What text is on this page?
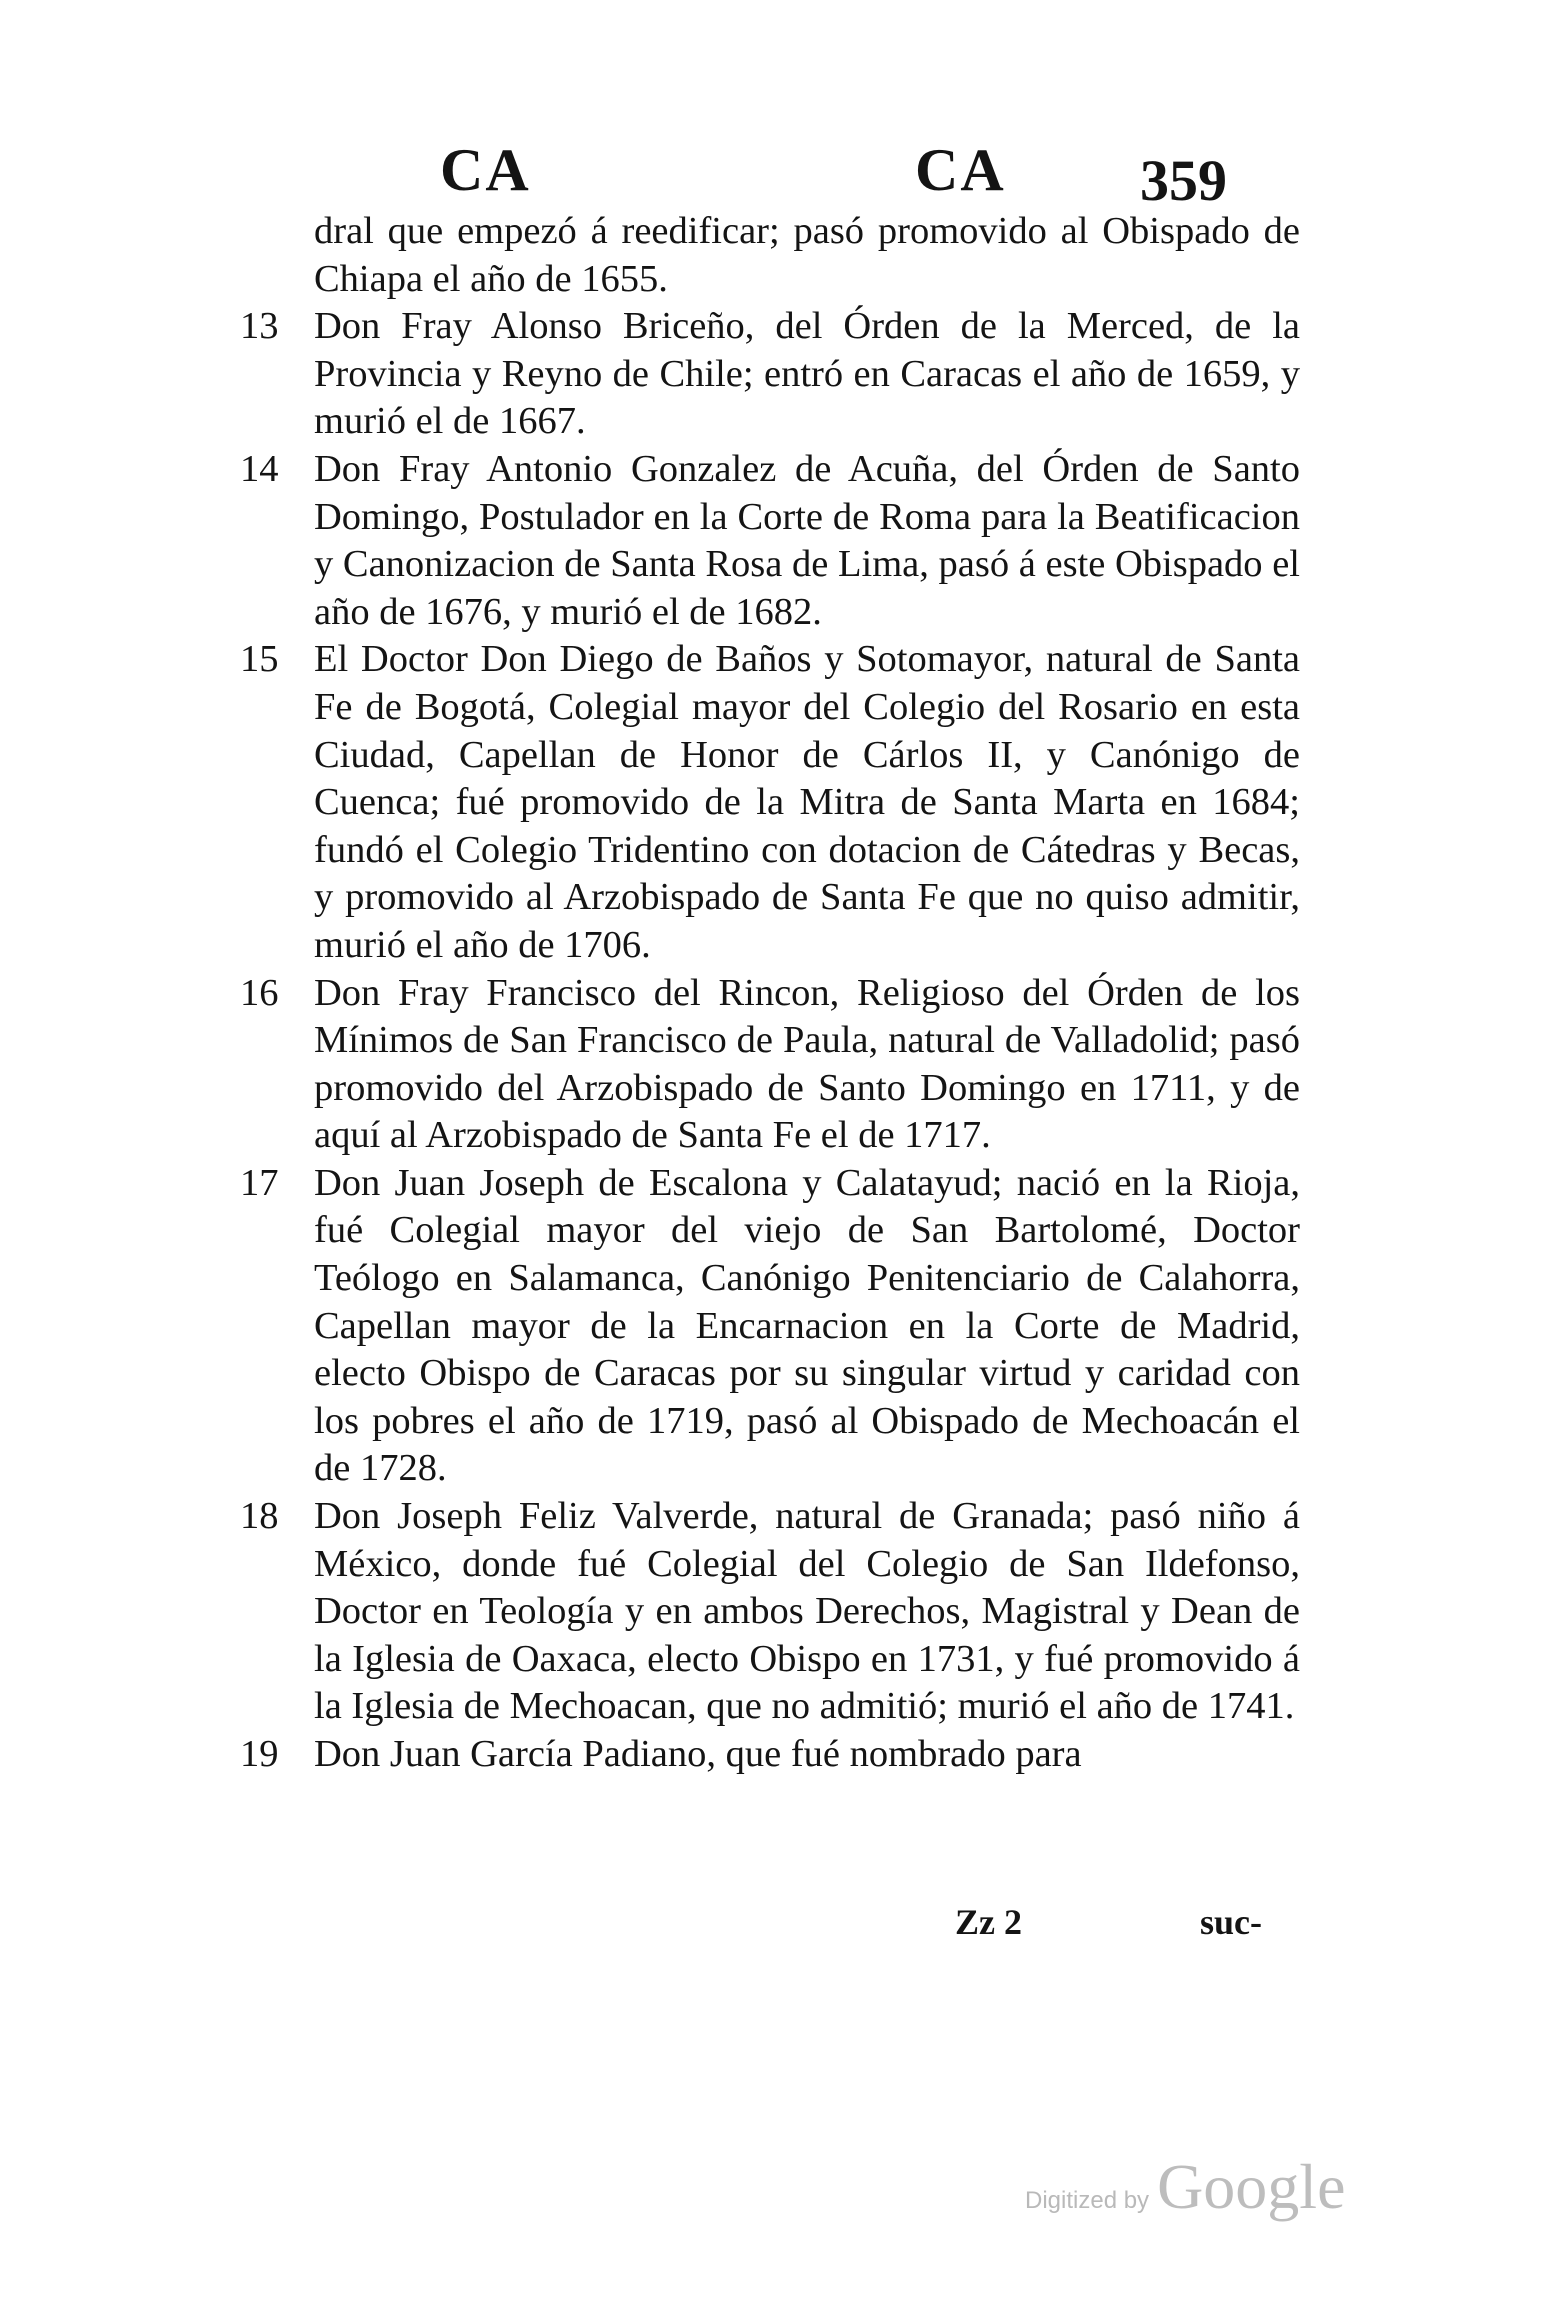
CA	CA 359
dral que empezó á reedificar; pasó promovido al Obispado de Chiapa el año de 1655.
13 Don Fray Alonso Briceño, del Órden de la Merced, de la Provincia y Reyno de Chile; entró en Caracas el año de 1659, y murió el de 1667.
14 Don Fray Antonio Gonzalez de Acuña, del Órden de Santo Domingo, Postulador en la Corte de Roma para la Beatificacion y Canonizacion de Santa Rosa de Lima, pasó á este Obispado el año de 1676, y murió el de 1682.
15 El Doctor Don Diego de Baños y Sotomayor, natural de Santa Fe de Bogotá, Colegial mayor del Colegio del Rosario en esta Ciudad, Capellan de Honor de Cárlos II, y Canónigo de Cuenca; fué promovido de la Mitra de Santa Marta en 1684; fundó el Colegio Tridentino con dotacion de Cátedras y Becas, y promovido al Arzobispado de Santa Fe que no quiso admitir, murió el año de 1706.
16 Don Fray Francisco del Rincon, Religioso del Órden de los Mínimos de San Francisco de Paula, natural de Valladolid; pasó promovido del Arzobispado de Santo Domingo en 1711, y de aquí al Arzobispado de Santa Fe el de 1717.
17 Don Juan Joseph de Escalona y Calatayud; nació en la Rioja, fué Colegial mayor del viejo de San Bartolomé, Doctor Teólogo en Salamanca, Canónigo Penitenciario de Calahorra, Capellan mayor de la Encarnacion en la Corte de Madrid, electo Obispo de Caracas por su singular virtud y caridad con los pobres el año de 1719, pasó al Obispado de Mechoacán el de 1728.
18 Don Joseph Feliz Valverde, natural de Granada; pasó niño á México, donde fué Colegial del Colegio de San Ildefonso, Doctor en Teología y en ambos Derechos, Magistral y Dean de la Iglesia de Oaxaca, electo Obispo en 1731, y fué promovido á la Iglesia de Mechoacan, que no admitió; murió el año de 1741.
19 Don Juan García Padiano, que fué nombrado para
Zz 2	suc-
Digitized by Google
